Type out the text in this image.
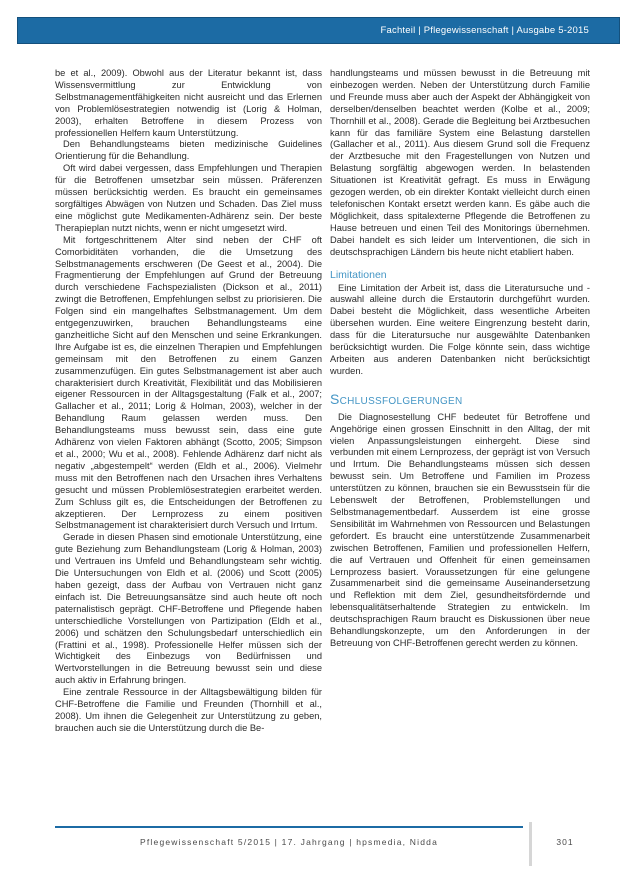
Fachteil | Pflegewissenschaft | Ausgabe 5-2015

be et al., 2009). Obwohl aus der Literatur bekannt ist, dass Wissensvermittlung zur Entwicklung von Selbstmanagementfähigkeiten nicht ausreicht und das Erlernen von Problemlösestrategien notwendig ist (Lorig & Holman, 2003), erhalten Betroffene in diesem Prozess von professionellen Helfern kaum Unterstützung.

Den Behandlungsteams bieten medizinische Guidelines Orientierung für die Behandlung.

Oft wird dabei vergessen, dass Empfehlungen und Therapien für die Betroffenen umsetzbar sein müssen. Präferenzen müssen berücksichtig werden. Es braucht ein gemeinsames sorgfältiges Abwägen von Nutzen und Schaden. Das Ziel muss eine möglichst gute Medikamenten-Adhärenz sein. Der beste Therapieplan nutzt nichts, wenn er nicht umgesetzt wird.

Mit fortgeschrittenem Alter sind neben der CHF oft Comorbiditäten vorhanden, die die Umsetzung des Selbstmanagements erschweren (De Geest et al., 2004). Die Fragmentierung der Empfehlungen auf Grund der Betreuung durch verschiedene Fachspezialisten (Dickson et al., 2011) zwingt die Betroffenen, Empfehlungen selbst zu priorisieren. Die Folgen sind ein mangelhaftes Selbstmanagement. Um dem entgegenzuwirken, brauchen Behandlungsteams eine ganzheitliche Sicht auf den Menschen und seine Erkrankungen. Ihre Aufgabe ist es, die einzelnen Therapien und Empfehlungen gemeinsam mit den Betroffenen zu einem Ganzen zusammenzufügen. Ein gutes Selbstmanagement ist aber auch charakterisiert durch Kreativität, Flexibilität und das Mobilisieren eigener Ressourcen in der Alltagsgestaltung (Falk et al., 2007; Gallacher et al., 2011; Lorig & Holman, 2003), welcher in der Behandlung Raum gelassen werden muss. Den Behandlungsteams muss bewusst sein, dass eine gute Adhärenz von vielen Faktoren abhängt (Scotto, 2005; Simpson et al., 2000; Wu et al., 2008). Fehlende Adhärenz darf nicht als negativ „abgestempelt“ werden (Eldh et al., 2006). Vielmehr muss mit den Betroffenen nach den Ursachen ihres Verhaltens gesucht und müssen Problemlösestrategien erarbeitet werden. Zum Schluss gilt es, die Entscheidungen der Betroffenen zu akzeptieren. Der Lernprozess zu einem positiven Selbstmanagement ist charakterisiert durch Versuch und Irrtum.

Gerade in diesen Phasen sind emotionale Unterstützung, eine gute Beziehung zum Behandlungsteam (Lorig & Holman, 2003) und Vertrauen ins Umfeld und Behandlungsteam sehr wichtig. Die Untersuchungen von Eldh et al. (2006) und Scott (2005) haben gezeigt, dass der Aufbau von Vertrauen nicht ganz einfach ist. Die Betreuungsansätze sind auch heute oft noch paternalistisch geprägt. CHF-Betroffene und Pflegende haben unterschiedliche Vorstellungen von Partizipation (Eldh et al., 2006) und schätzen den Schulungsbedarf unterschiedlich ein (Frattini et al., 1998). Professionelle Helfer müssen sich der Wichtigkeit des Einbezugs von Bedürfnissen und Wertvorstellungen in die Betreuung bewusst sein und diese auch aktiv in Erfahrung bringen.

Eine zentrale Ressource in der Alltagsbewältigung bilden für CHF-Betroffene die Familie und Freunden (Thornhill et al., 2008). Um ihnen die Gelegenheit zur Unterstützung zu geben, brauchen auch sie die Unterstützung durch die Be-

handlungsteams und müssen bewusst in die Betreuung mit einbezogen werden. Neben der Unterstützung durch Familie und Freunde muss aber auch der Aspekt der Abhängigkeit von derselben/denselben beachtet werden (Kolbe et al., 2009; Thornhill et al., 2008). Gerade die Begleitung bei Arztbesuchen kann für das familiäre System eine Belastung darstellen (Gallacher et al., 2011). Aus diesem Grund soll die Frequenz der Arztbesuche mit den Fragestellungen von Nutzen und Belastung sorgfältig abgewogen werden. In belastenden Situationen ist Kreativität gefragt. Es muss in Erwägung gezogen werden, ob ein direkter Kontakt vielleicht durch einen telefonischen Kontakt ersetzt werden kann. Es gäbe auch die Möglichkeit, dass spitalexterne Pflegende die Betroffenen zu Hause betreuen und einen Teil des Monitorings übernehmen. Dabei handelt es sich leider um Interventionen, die sich in deutschsprachigen Ländern bis heute nicht etabliert haben.

Limitationen

Eine Limitation der Arbeit ist, dass die Literatursuche und -auswahl alleine durch die Erstautorin durchgeführt wurden. Dabei besteht die Möglichkeit, dass wesentliche Arbeiten übersehen wurden. Eine weitere Eingrenzung besteht darin, dass für die Literatursuche nur ausgewählte Datenbanken berücksichtigt wurden. Die Folge könnte sein, dass wichtige Arbeiten aus anderen Datenbanken nicht berücksichtigt wurden.

Schlussfolgerungen

Die Diagnosestellung CHF bedeutet für Betroffene und Angehörige einen grossen Einschnitt in den Alltag, der mit vielen Anpassungsleistungen einhergeht. Diese sind verbunden mit einem Lernprozess, der geprägt ist von Versuch und Irrtum. Die Behandlungsteams müssen sich dessen bewusst sein. Um Betroffene und Familien im Prozess unterstützen zu können, brauchen sie ein Bewusstsein für die Lebenswelt der Betroffenen, Problemstellungen und Selbstmanagementbedarf. Ausserdem ist eine grosse Sensibilität im Wahrnehmen von Ressourcen und Belastungen gefordert. Es braucht eine unterstützende Zusammenarbeit zwischen Betroffenen, Familien und professionellen Helfern, die auf Vertrauen und Offenheit für einen gemeinsamen Lernprozess basiert. Voraussetzungen für eine gelungene Zusammenarbeit sind die gemeinsame Auseinandersetzung und Reflektion mit dem Ziel, gesundheitsfördernde und lebensqualitätserhaltende Strategien zu entwickeln. Im deutschsprachigen Raum braucht es Diskussionen über neue Behandlungskonzepte, um den Anforderungen in der Betreuung von CHF-Betroffenen gerecht werden zu können.

Pflegewissenschaft 5/2015 | 17. Jahrgang | hpsmedia, Nidda	301
